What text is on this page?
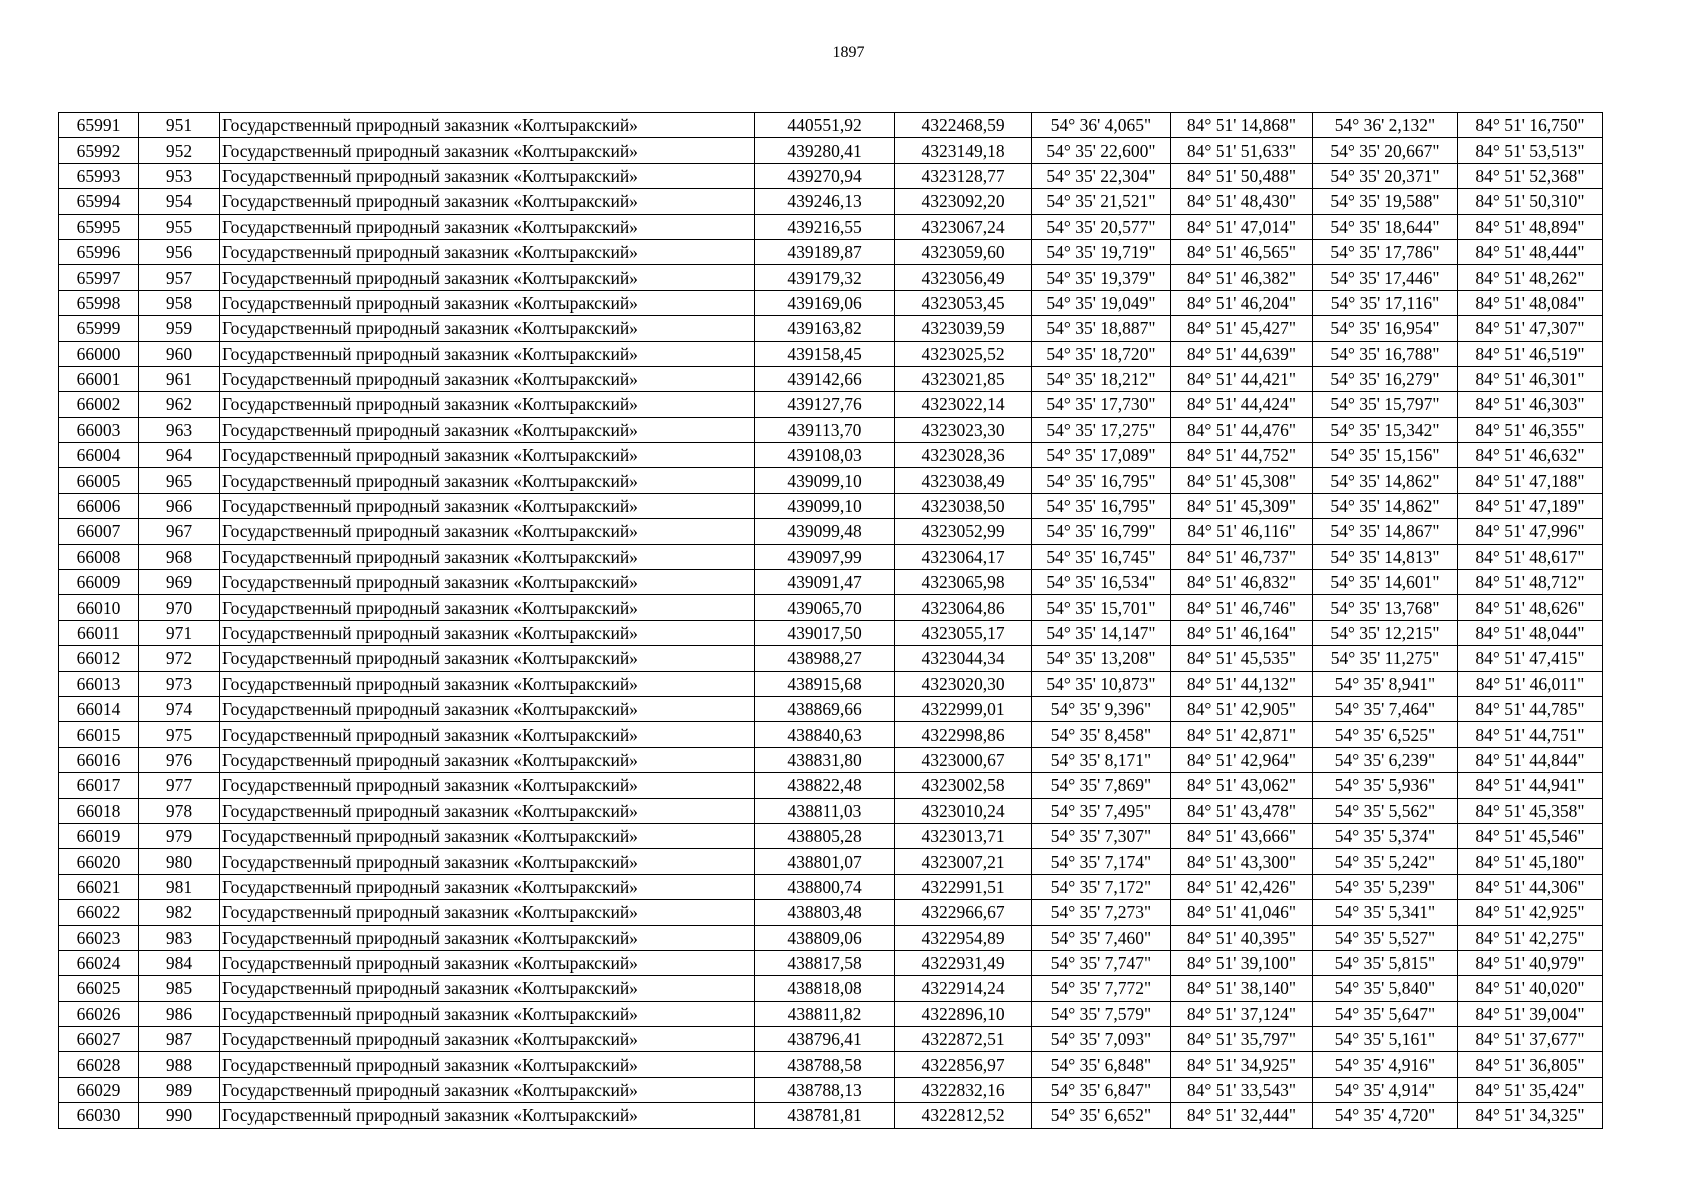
1897
65991	951	Государственный природный заказник «Колтыракский»	440551,92	4322468,59	54° 36' 4,065"	84° 51' 14,868"	54° 36' 2,132"	84° 51' 16,750"
65992	952	Государственный природный заказник «Колтыракский»	439280,41	4323149,18	54° 35' 22,600"	84° 51' 51,633"	54° 35' 20,667"	84° 51' 53,513"
65993	953	Государственный природный заказник «Колтыракский»	439270,94	4323128,77	54° 35' 22,304"	84° 51' 50,488"	54° 35' 20,371"	84° 51' 52,368"
65994	954	Государственный природный заказник «Колтыракский»	439246,13	4323092,20	54° 35' 21,521"	84° 51' 48,430"	54° 35' 19,588"	84° 51' 50,310"
65995	955	Государственный природный заказник «Колтыракский»	439216,55	4323067,24	54° 35' 20,577"	84° 51' 47,014"	54° 35' 18,644"	84° 51' 48,894"
65996	956	Государственный природный заказник «Колтыракский»	439189,87	4323059,60	54° 35' 19,719"	84° 51' 46,565"	54° 35' 17,786"	84° 51' 48,444"
65997	957	Государственный природный заказник «Колтыракский»	439179,32	4323056,49	54° 35' 19,379"	84° 51' 46,382"	54° 35' 17,446"	84° 51' 48,262"
65998	958	Государственный природный заказник «Колтыракский»	439169,06	4323053,45	54° 35' 19,049"	84° 51' 46,204"	54° 35' 17,116"	84° 51' 48,084"
65999	959	Государственный природный заказник «Колтыракский»	439163,82	4323039,59	54° 35' 18,887"	84° 51' 45,427"	54° 35' 16,954"	84° 51' 47,307"
66000	960	Государственный природный заказник «Колтыракский»	439158,45	4323025,52	54° 35' 18,720"	84° 51' 44,639"	54° 35' 16,788"	84° 51' 46,519"
66001	961	Государственный природный заказник «Колтыракский»	439142,66	4323021,85	54° 35' 18,212"	84° 51' 44,421"	54° 35' 16,279"	84° 51' 46,301"
66002	962	Государственный природный заказник «Колтыракский»	439127,76	4323022,14	54° 35' 17,730"	84° 51' 44,424"	54° 35' 15,797"	84° 51' 46,303"
66003	963	Государственный природный заказник «Колтыракский»	439113,70	4323023,30	54° 35' 17,275"	84° 51' 44,476"	54° 35' 15,342"	84° 51' 46,355"
66004	964	Государственный природный заказник «Колтыракский»	439108,03	4323028,36	54° 35' 17,089"	84° 51' 44,752"	54° 35' 15,156"	84° 51' 46,632"
66005	965	Государственный природный заказник «Колтыракский»	439099,10	4323038,49	54° 35' 16,795"	84° 51' 45,308"	54° 35' 14,862"	84° 51' 47,188"
66006	966	Государственный природный заказник «Колтыракский»	439099,10	4323038,50	54° 35' 16,795"	84° 51' 45,309"	54° 35' 14,862"	84° 51' 47,189"
66007	967	Государственный природный заказник «Колтыракский»	439099,48	4323052,99	54° 35' 16,799"	84° 51' 46,116"	54° 35' 14,867"	84° 51' 47,996"
66008	968	Государственный природный заказник «Колтыракский»	439097,99	4323064,17	54° 35' 16,745"	84° 51' 46,737"	54° 35' 14,813"	84° 51' 48,617"
66009	969	Государственный природный заказник «Колтыракский»	439091,47	4323065,98	54° 35' 16,534"	84° 51' 46,832"	54° 35' 14,601"	84° 51' 48,712"
66010	970	Государственный природный заказник «Колтыракский»	439065,70	4323064,86	54° 35' 15,701"	84° 51' 46,746"	54° 35' 13,768"	84° 51' 48,626"
66011	971	Государственный природный заказник «Колтыракский»	439017,50	4323055,17	54° 35' 14,147"	84° 51' 46,164"	54° 35' 12,215"	84° 51' 48,044"
66012	972	Государственный природный заказник «Колтыракский»	438988,27	4323044,34	54° 35' 13,208"	84° 51' 45,535"	54° 35' 11,275"	84° 51' 47,415"
66013	973	Государственный природный заказник «Колтыракский»	438915,68	4323020,30	54° 35' 10,873"	84° 51' 44,132"	54° 35' 8,941"	84° 51' 46,011"
66014	974	Государственный природный заказник «Колтыракский»	438869,66	4322999,01	54° 35' 9,396"	84° 51' 42,905"	54° 35' 7,464"	84° 51' 44,785"
66015	975	Государственный природный заказник «Колтыракский»	438840,63	4322998,86	54° 35' 8,458"	84° 51' 42,871"	54° 35' 6,525"	84° 51' 44,751"
66016	976	Государственный природный заказник «Колтыракский»	438831,80	4323000,67	54° 35' 8,171"	84° 51' 42,964"	54° 35' 6,239"	84° 51' 44,844"
66017	977	Государственный природный заказник «Колтыракский»	438822,48	4323002,58	54° 35' 7,869"	84° 51' 43,062"	54° 35' 5,936"	84° 51' 44,941"
66018	978	Государственный природный заказник «Колтыракский»	438811,03	4323010,24	54° 35' 7,495"	84° 51' 43,478"	54° 35' 5,562"	84° 51' 45,358"
66019	979	Государственный природный заказник «Колтыракский»	438805,28	4323013,71	54° 35' 7,307"	84° 51' 43,666"	54° 35' 5,374"	84° 51' 45,546"
66020	980	Государственный природный заказник «Колтыракский»	438801,07	4323007,21	54° 35' 7,174"	84° 51' 43,300"	54° 35' 5,242"	84° 51' 45,180"
66021	981	Государственный природный заказник «Колтыракский»	438800,74	4322991,51	54° 35' 7,172"	84° 51' 42,426"	54° 35' 5,239"	84° 51' 44,306"
66022	982	Государственный природный заказник «Колтыракский»	438803,48	4322966,67	54° 35' 7,273"	84° 51' 41,046"	54° 35' 5,341"	84° 51' 42,925"
66023	983	Государственный природный заказник «Колтыракский»	438809,06	4322954,89	54° 35' 7,460"	84° 51' 40,395"	54° 35' 5,527"	84° 51' 42,275"
66024	984	Государственный природный заказник «Колтыракский»	438817,58	4322931,49	54° 35' 7,747"	84° 51' 39,100"	54° 35' 5,815"	84° 51' 40,979"
66025	985	Государственный природный заказник «Колтыракский»	438818,08	4322914,24	54° 35' 7,772"	84° 51' 38,140"	54° 35' 5,840"	84° 51' 40,020"
66026	986	Государственный природный заказник «Колтыракский»	438811,82	4322896,10	54° 35' 7,579"	84° 51' 37,124"	54° 35' 5,647"	84° 51' 39,004"
66027	987	Государственный природный заказник «Колтыракский»	438796,41	4322872,51	54° 35' 7,093"	84° 51' 35,797"	54° 35' 5,161"	84° 51' 37,677"
66028	988	Государственный природный заказник «Колтыракский»	438788,58	4322856,97	54° 35' 6,848"	84° 51' 34,925"	54° 35' 4,916"	84° 51' 36,805"
66029	989	Государственный природный заказник «Колтыракский»	438788,13	4322832,16	54° 35' 6,847"	84° 51' 33,543"	54° 35' 4,914"	84° 51' 35,424"
66030	990	Государственный природный заказник «Колтыракский»	438781,81	4322812,52	54° 35' 6,652"	84° 51' 32,444"	54° 35' 4,720"	84° 51' 34,325"
